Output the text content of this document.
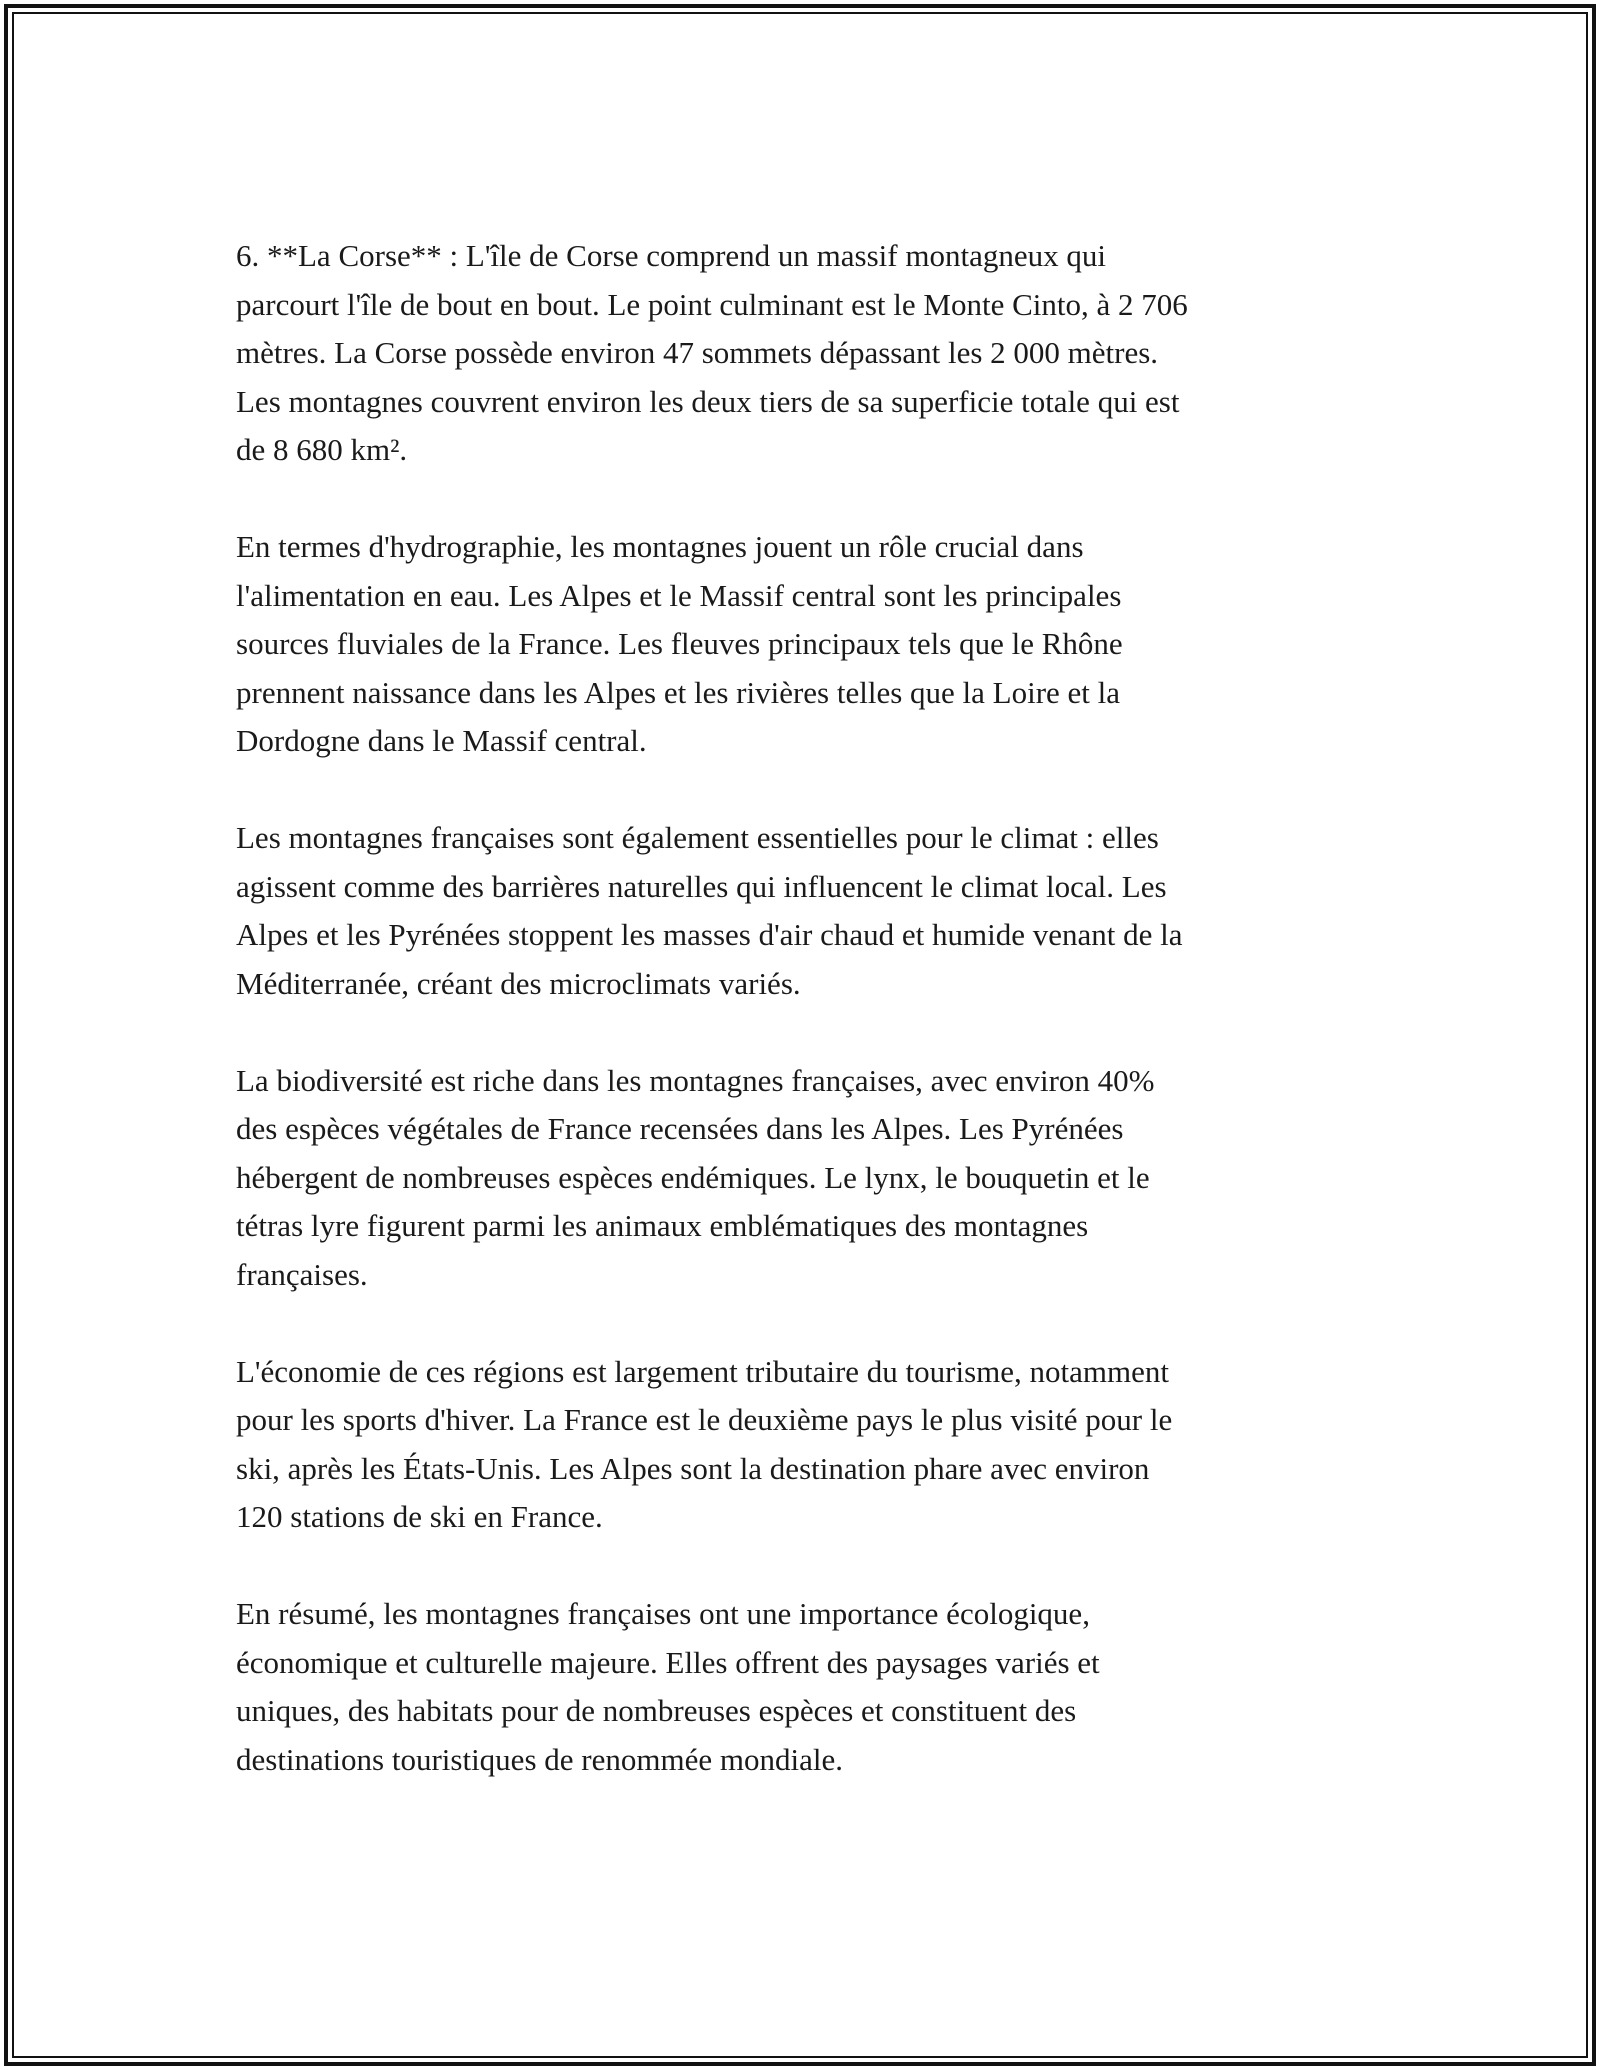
6. **La Corse** : L'île de Corse comprend un massif montagneux qui
parcourt l'île de bout en bout. Le point culminant est le Monte Cinto, à 2 706
mètres. La Corse possède environ 47 sommets dépassant les 2 000 mètres.
Les montagnes couvrent environ les deux tiers de sa superficie totale qui est
de 8 680 km².

En termes d'hydrographie, les montagnes jouent un rôle crucial dans
l'alimentation en eau. Les Alpes et le Massif central sont les principales
sources fluviales de la France. Les fleuves principaux tels que le Rhône
prennent naissance dans les Alpes et les rivières telles que la Loire et la
Dordogne dans le Massif central.

Les montagnes françaises sont également essentielles pour le climat : elles
agissent comme des barrières naturelles qui influencent le climat local. Les
Alpes et les Pyrénées stoppent les masses d'air chaud et humide venant de la
Méditerranée, créant des microclimats variés.

La biodiversité est riche dans les montagnes françaises, avec environ 40%
des espèces végétales de France recensées dans les Alpes. Les Pyrénées
hébergent de nombreuses espèces endémiques. Le lynx, le bouquetin et le
tétras lyre figurent parmi les animaux emblématiques des montagnes
françaises.

L'économie de ces régions est largement tributaire du tourisme, notamment
pour les sports d'hiver. La France est le deuxième pays le plus visité pour le
ski, après les États-Unis. Les Alpes sont la destination phare avec environ
120 stations de ski en France.

En résumé, les montagnes françaises ont une importance écologique,
économique et culturelle majeure. Elles offrent des paysages variés et
uniques, des habitats pour de nombreuses espèces et constituent des
destinations touristiques de renommée mondiale.
